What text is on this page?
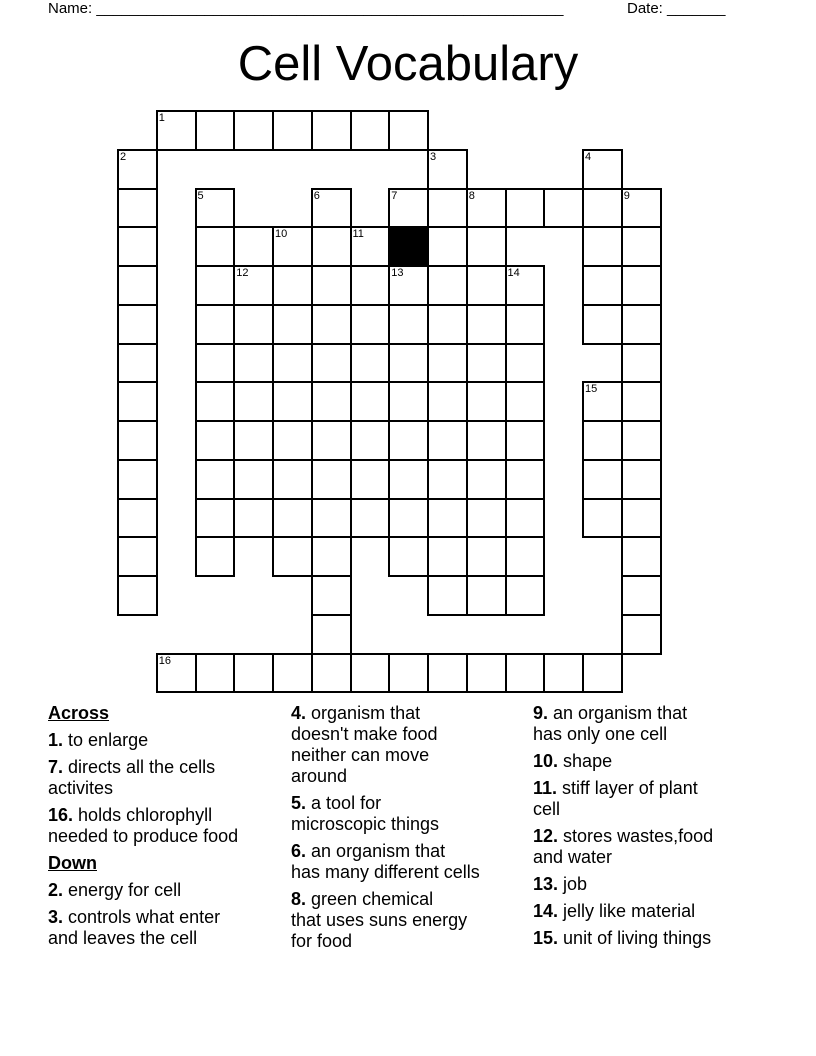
Name: ________________________________________________________	Date: _______
Cell Vocabulary
1
2	3	4
5	6	7	8	9
10	11
12	13	14
15
16
Across
1. to enlarge
7. directs all the cells
activites
16. holds chlorophyll
needed to produce food
Down
2. energy for cell
3. controls what enter
and leaves the cell
4. organism that
doesn't make food
neither can move
around
5. a tool for
microscopic things
6. an organism that
has many different cells
8. green chemical
that uses suns energy
for food
9. an organism that
has only one cell
10. shape
11. stiff layer of plant
cell
12. stores wastes,food
and water
13. job
14. jelly like material
15. unit of living things
